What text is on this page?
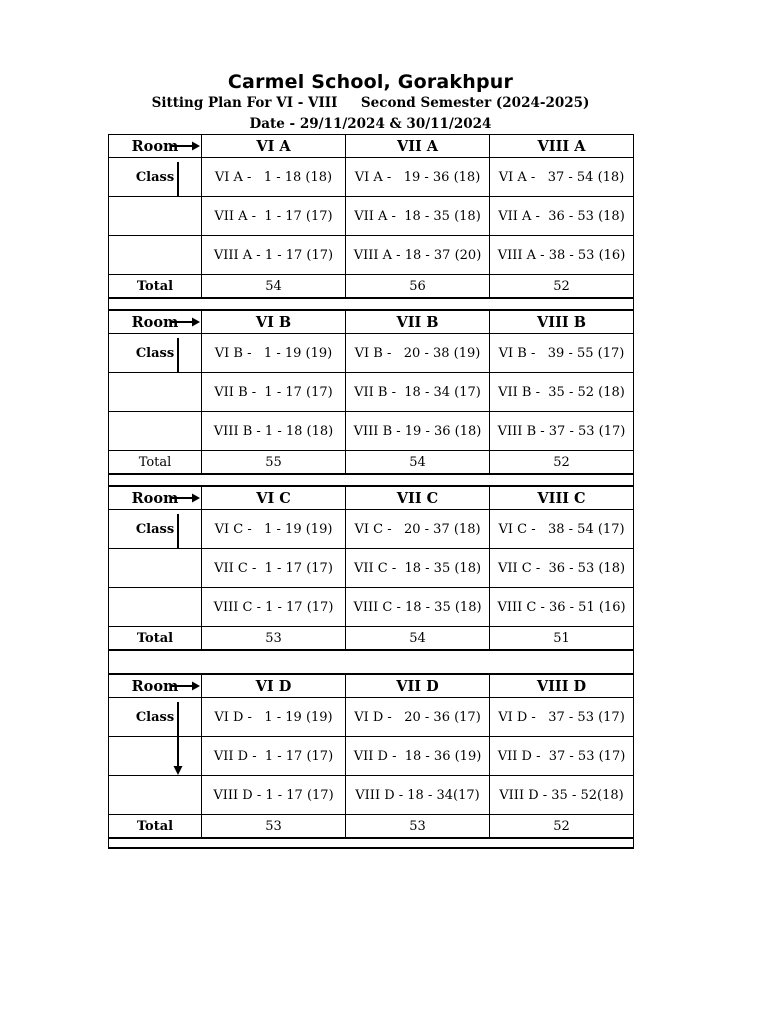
Carmel School, Gorakhpur
Sitting Plan For VI - VIII     Second Semester (2024-2025)
Date - 29/11/2024 & 30/11/2024
Room	VI A	VII A	VIII A
Class	VI A -   1 - 18 (18)	VI A -   19 - 36 (18)	VI A -   37 - 54 (18)
	VII A -  1 - 17 (17)	VII A -  18 - 35 (18)	VII A -  36 - 53 (18)
	VIII A - 1 - 17 (17)	VIII A - 18 - 37 (20)	VIII A - 38 - 53 (16)
Total	54	56	52

Room	VI B	VII B	VIII B
Class	VI B -   1 - 19 (19)	VI B -   20 - 38 (19)	VI B -   39 - 55 (17)
	VII B -  1 - 17 (17)	VII B -  18 - 34 (17)	VII B -  35 - 52 (18)
	VIII B - 1 - 18 (18)	VIII B - 19 - 36 (18)	VIII B - 37 - 53 (17)
Total	55	54	52

Room	VI C	VII C	VIII C
Class	VI C -   1 - 19 (19)	VI C -   20 - 37 (18)	VI C -   38 - 54 (17)
	VII C -  1 - 17 (17)	VII C -  18 - 35 (18)	VII C -  36 - 53 (18)
	VIII C - 1 - 17 (17)	VIII C - 18 - 35 (18)	VIII C - 36 - 51 (16)
Total	53	54	51

Room	VI D	VII D	VIII D
Class	VI D -   1 - 19 (19)	VI D -   20 - 36 (17)	VI D -   37 - 53 (17)

	VII D -  1 - 17 (17)	VII D -  18 - 36 (19)	VII D -  37 - 53 (17)
	VIII D - 1 - 17 (17)	VIII D - 18 - 34(17)	VIII D - 35 - 52(18)
Total	53	53	52
